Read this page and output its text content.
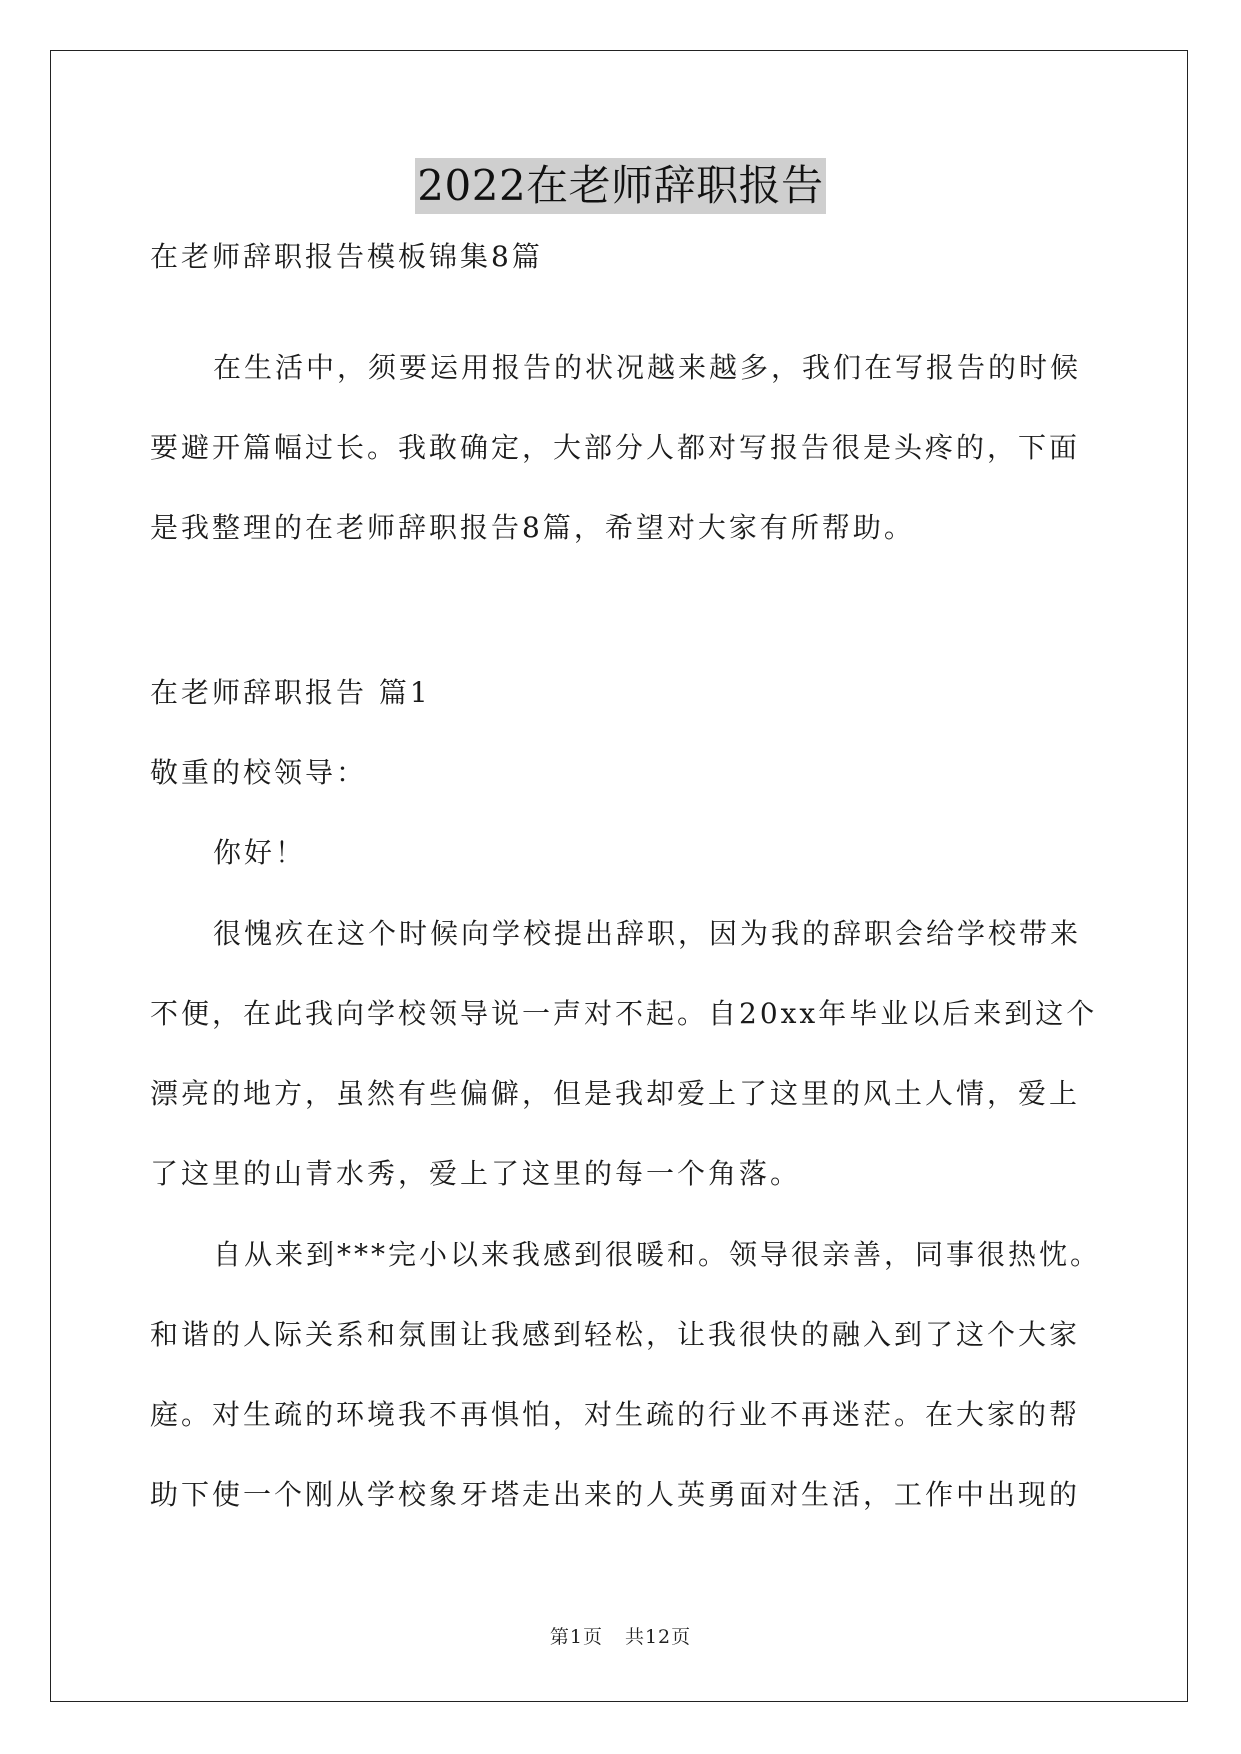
2022在老师辞职报告
在老师辞职报告模板锦集8篇
在生活中，须要运用报告的状况越来越多，我们在写报告的时候
要避开篇幅过长。我敢确定，大部分人都对写报告很是头疼的，下面
是我整理的在老师辞职报告8篇，希望对大家有所帮助。
在老师辞职报告 篇1
敬重的校领导：
你好！
很愧疚在这个时候向学校提出辞职，因为我的辞职会给学校带来
不便，在此我向学校领导说一声对不起。自20xx年毕业以后来到这个
漂亮的地方，虽然有些偏僻，但是我却爱上了这里的风土人情，爱上
了这里的山青水秀，爱上了这里的每一个角落。
自从来到***完小以来我感到很暖和。领导很亲善，同事很热忱。
和谐的人际关系和氛围让我感到轻松，让我很快的融入到了这个大家
庭。对生疏的环境我不再惧怕，对生疏的行业不再迷茫。在大家的帮
助下使一个刚从学校象牙塔走出来的人英勇面对生活，工作中出现的
第1页 共12页
